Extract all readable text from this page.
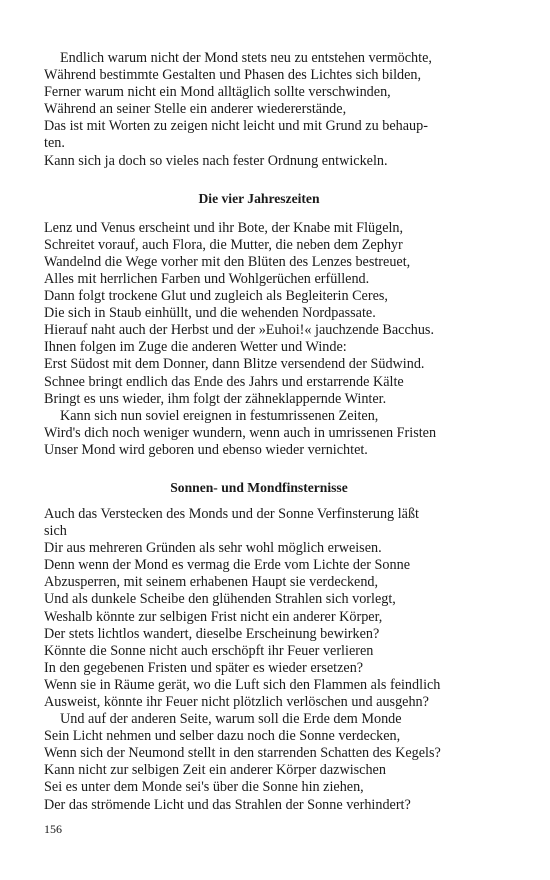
Endlich warum nicht der Mond stets neu zu entstehen vermöchte,
Während bestimmte Gestalten und Phasen des Lichtes sich bilden,
Ferner warum nicht ein Mond alltäglich sollte verschwinden,
Während an seiner Stelle ein anderer wiedererstände,
Das ist mit Worten zu zeigen nicht leicht und mit Grund zu behaup-
ten.
Kann sich ja doch so vieles nach fester Ordnung entwickeln.
Die vier Jahreszeiten
Lenz und Venus erscheint und ihr Bote, der Knabe mit Flügeln,
Schreitet vorauf, auch Flora, die Mutter, die neben dem Zephyr
Wandelnd die Wege vorher mit den Blüten des Lenzes bestreuet,
Alles mit herrlichen Farben und Wohlgerüchen erfüllend.
Dann folgt trockene Glut und zugleich als Begleiterin Ceres,
Die sich in Staub einhüllt, und die wehenden Nordpassate.
Hierauf naht auch der Herbst und der »Euhoi!« jauchzende Bacchus.
Ihnen folgen im Zuge die anderen Wetter und Winde:
Erst Südost mit dem Donner, dann Blitze versendend der Südwind.
Schnee bringt endlich das Ende des Jahrs und erstarrende Kälte
Bringt es uns wieder, ihm folgt der zähneklappernde Winter.
Kann sich nun soviel ereignen in festumrissenen Zeiten,
Wird's dich noch weniger wundern, wenn auch in umrissenen Fristen
Unser Mond wird geboren und ebenso wieder vernichtet.
Sonnen- und Mondfinsternisse
Auch das Verstecken des Monds und der Sonne Verfinsterung läßt
sich
Dir aus mehreren Gründen als sehr wohl möglich erweisen.
Denn wenn der Mond es vermag die Erde vom Lichte der Sonne
Abzusperren, mit seinem erhabenen Haupt sie verdeckend,
Und als dunkele Scheibe den glühenden Strahlen sich vorlegt,
Weshalb könnte zur selbigen Frist nicht ein anderer Körper,
Der stets lichtlos wandert, dieselbe Erscheinung bewirken?
Könnte die Sonne nicht auch erschöpft ihr Feuer verlieren
In den gegebenen Fristen und später es wieder ersetzen?
Wenn sie in Räume gerät, wo die Luft sich den Flammen als feindlich
Ausweist, könnte ihr Feuer nicht plötzlich verlöschen und ausgehn?
Und auf der anderen Seite, warum soll die Erde dem Monde
Sein Licht nehmen und selber dazu noch die Sonne verdecken,
Wenn sich der Neumond stellt in den starrenden Schatten des Kegels?
Kann nicht zur selbigen Zeit ein anderer Körper dazwischen
Sei es unter dem Monde sei's über die Sonne hin ziehen,
Der das strömende Licht und das Strahlen der Sonne verhindert?
156
